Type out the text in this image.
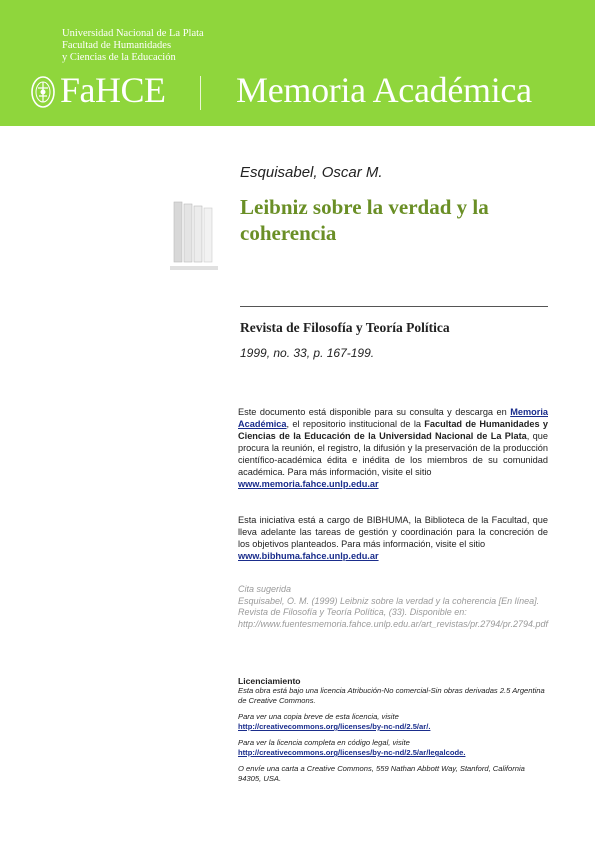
Universidad Nacional de La Plata
Facultad de Humanidades
y Ciencias de la Educación
FaHCE Memoria Académica
Esquisabel, Oscar M.
Leibniz sobre la verdad y la coherencia
Revista de Filosofía y Teoría Política
1999, no. 33, p. 167-199.
Este documento está disponible para su consulta y descarga en Memoria Académica, el repositorio institucional de la Facultad de Humanidades y Ciencias de la Educación de la Universidad Nacional de La Plata, que procura la reunión, el registro, la difusión y la preservación de la producción científico-académica édita e inédita de los miembros de su comunidad académica. Para más información, visite el sitio
www.memoria.fahce.unlp.edu.ar
Esta iniciativa está a cargo de BIBHUMA, la Biblioteca de la Facultad, que lleva adelante las tareas de gestión y coordinación para la concreción de los objetivos planteados. Para más información, visite el sitio
www.bibhuma.fahce.unlp.edu.ar
Cita sugerida
Esquisabel, O. M. (1999) Leibniz sobre la verdad y la coherencia [En línea]. Revista de Filosofía y Teoría Política, (33). Disponible en: http://www.fuentesmemoria.fahce.unlp.edu.ar/art_revistas/pr.2794/pr.2794.pdf
Licenciamiento
Esta obra está bajo una licencia Atribución-No comercial-Sin obras derivadas 2.5 Argentina de Creative Commons.
Para ver una copia breve de esta licencia, visite
http://creativecommons.org/licenses/by-nc-nd/2.5/ar/.
Para ver la licencia completa en código legal, visite
http://creativecommons.org/licenses/by-nc-nd/2.5/ar/legalcode.
O envíe una carta a Creative Commons, 559 Nathan Abbott Way, Stanford, California 94305, USA.
